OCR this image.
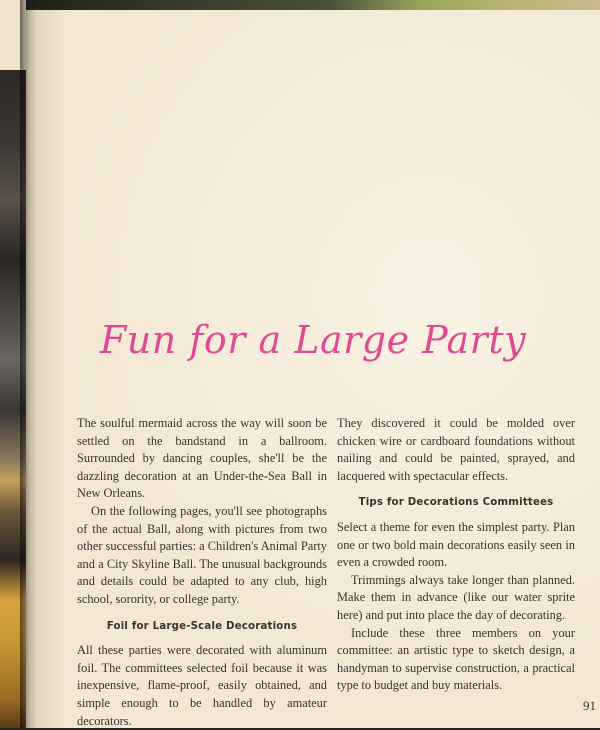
Fun for a Large Party

The soulful mermaid across the way will soon be settled on the bandstand in a ballroom. Surrounded by dancing couples, she'll be the dazzling decoration at an Under-the-Sea Ball in New Orleans.

On the following pages, you'll see photographs of the actual Ball, along with pictures from two other successful parties: a Children's Animal Party and a City Skyline Ball. The unusual backgrounds and details could be adapted to any club, high school, sorority, or college party.

Foil for Large-Scale Decorations

All these parties were decorated with aluminum foil. The committees selected foil because it was inexpensive, flame-proof, easily obtained, and simple enough to be handled by amateur decorators.

They discovered it could be molded over chicken wire or cardboard foundations without nailing and could be painted, sprayed, and lacquered with spectacular effects.

Tips for Decorations Committees

Select a theme for even the simplest party. Plan one or two bold main decorations easily seen in even a crowded room.

Trimmings always take longer than planned. Make them in advance (like our water sprite here) and put into place the day of decorating.

Include these three members on your committee: an artistic type to sketch design, a handyman to supervise construction, a practical type to budget and buy materials.

91
